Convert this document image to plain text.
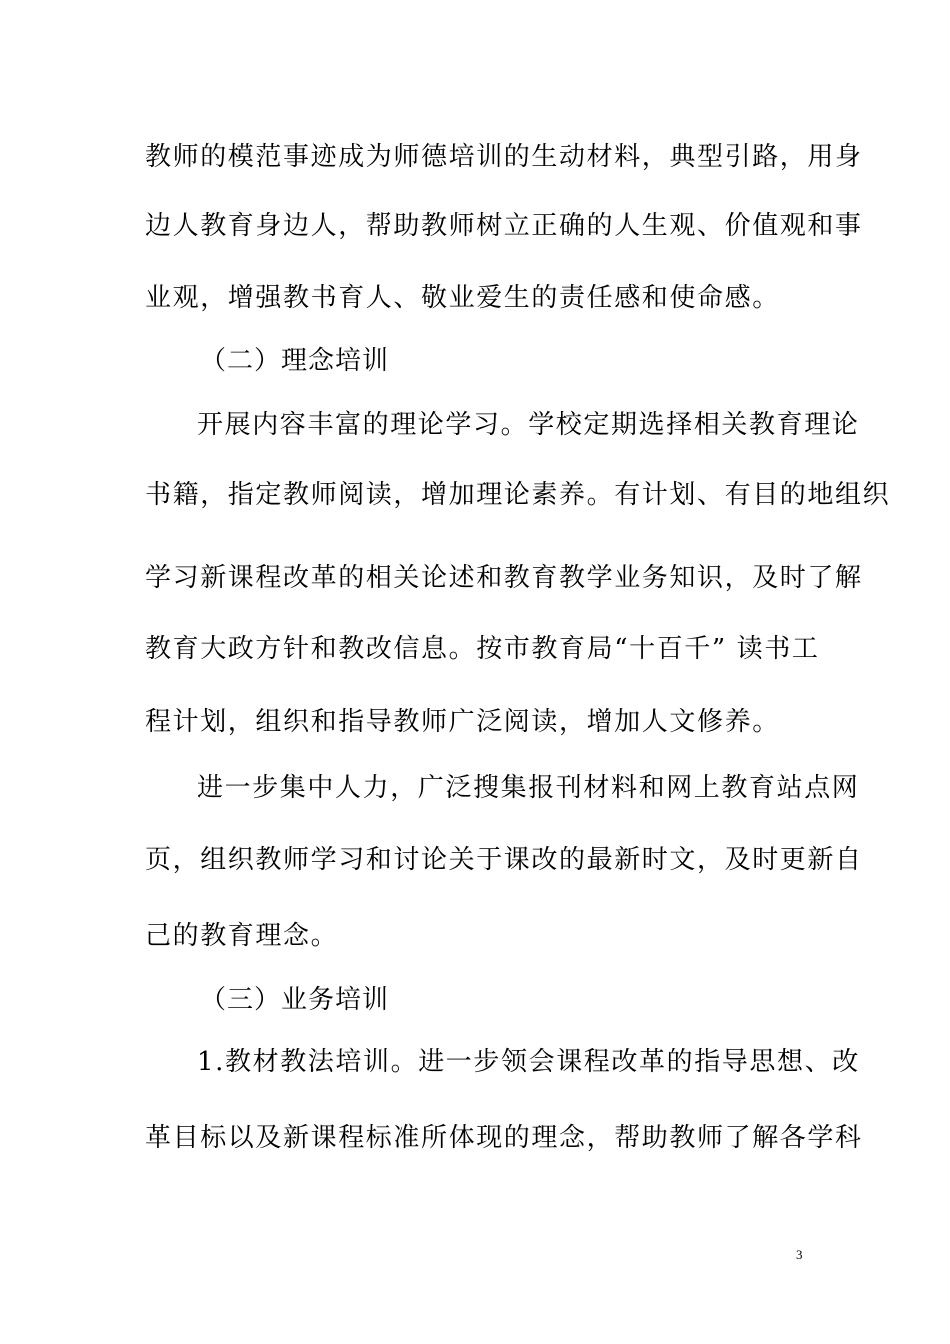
教师的模范事迹成为师德培训的生动材料，典型引路，用身
边人教育身边人，帮助教师树立正确的人生观、价值观和事
业观，增强教书育人、敬业爱生的责任感和使命感。
（二）理念培训
开展内容丰富的理论学习。学校定期选择相关教育理论
书籍，指定教师阅读，增加理论素养。有计划、有目的地组织
学习新课程改革的相关论述和教育教学业务知识，及时了解
教育大政方针和教改信息。按市教育局“十百千” 读书工
程计划，组织和指导教师广泛阅读，增加人文修养。
进一步集中人力，广泛搜集报刊材料和网上教育站点网
页，组织教师学习和讨论关于课改的最新时文，及时更新自
己的教育理念。
（三）业务培训
1.教材教法培训。进一步领会课程改革的指导思想、改
革目标以及新课程标准所体现的理念，帮助教师了解各学科
3
